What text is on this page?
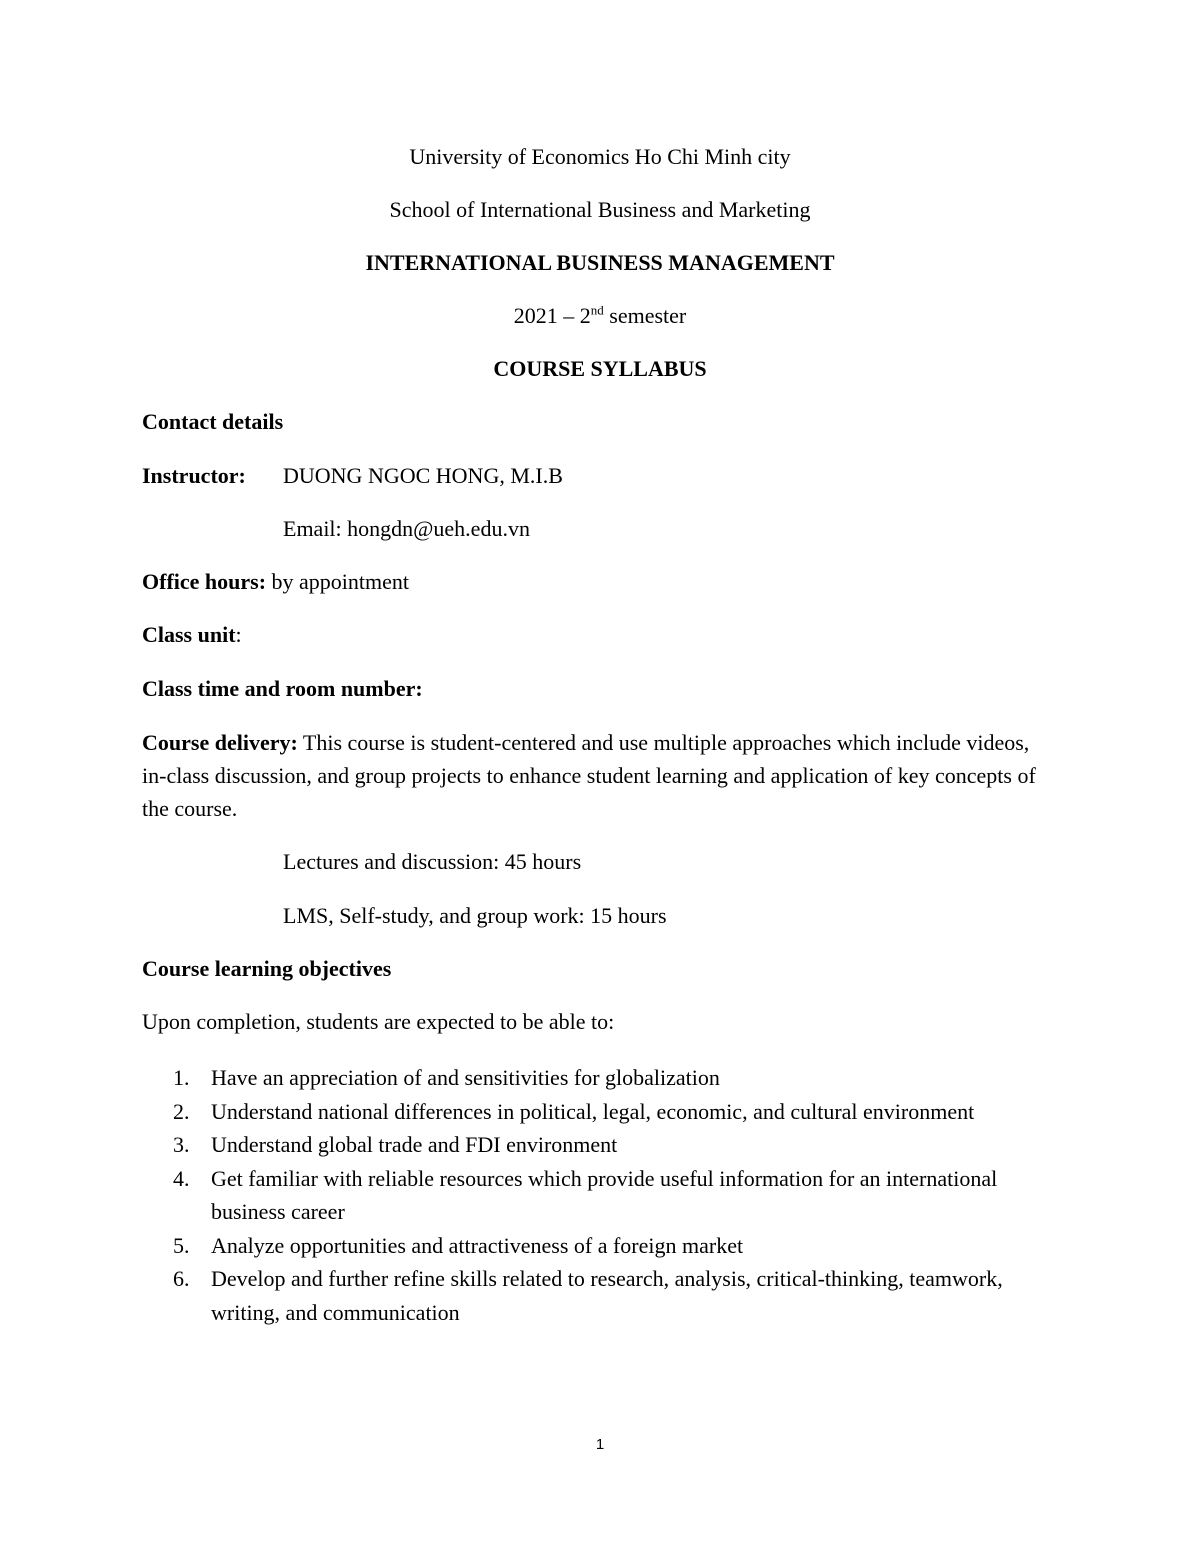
University of Economics Ho Chi Minh city
School of International Business and Marketing
INTERNATIONAL BUSINESS MANAGEMENT
2021 – 2nd semester
COURSE SYLLABUS
Contact details
Instructor: DUONG NGOC HONG, M.I.B
Email: hongdn@ueh.edu.vn
Office hours: by appointment
Class unit:
Class time and room number:
Course delivery: This course is student-centered and use multiple approaches which include videos, in-class discussion, and group projects to enhance student learning and application of key concepts of the course.
Lectures and discussion: 45 hours
LMS, Self-study, and group work: 15 hours
Course learning objectives
Upon completion, students are expected to be able to:
1. Have an appreciation of and sensitivities for globalization
2. Understand national differences in political, legal, economic, and cultural environment
3. Understand global trade and FDI environment
4. Get familiar with reliable resources which provide useful information for an international business career
5. Analyze opportunities and attractiveness of a foreign market
6. Develop and further refine skills related to research, analysis, critical-thinking, teamwork, writing, and communication
1
